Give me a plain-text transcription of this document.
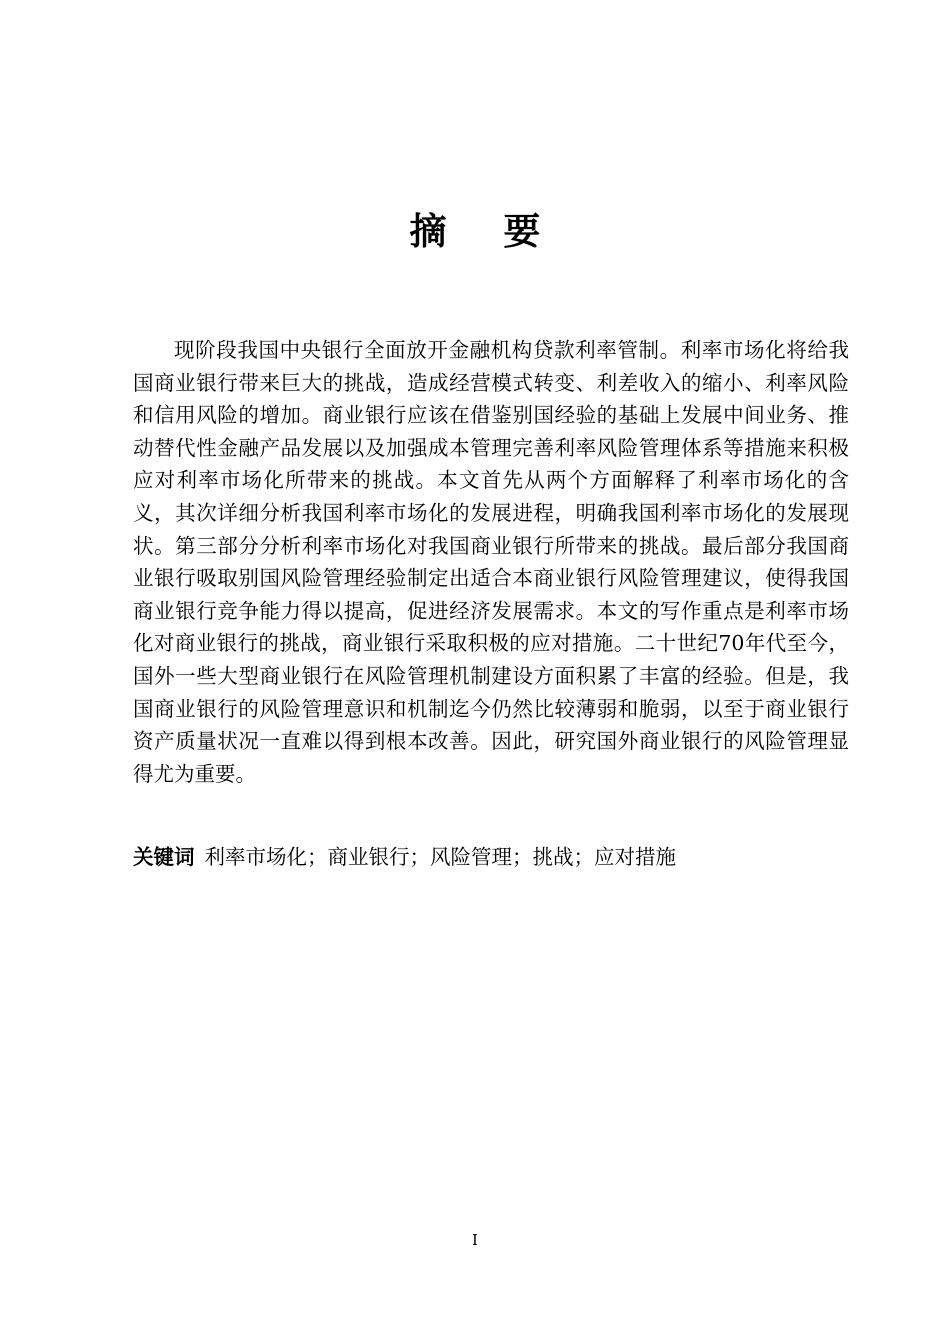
摘 要

现阶段我国中央银行全面放开金融机构贷款利率管制。利率市场化将给我国商业银行带来巨大的挑战，造成经营模式转变、利差收入的缩小、利率风险和信用风险的增加。商业银行应该在借鉴别国经验的基础上发展中间业务、推动替代性金融产品发展以及加强成本管理完善利率风险管理体系等措施来积极应对利率市场化所带来的挑战。本文首先从两个方面解释了利率市场化的含义，其次详细分析我国利率市场化的发展进程，明确我国利率市场化的发展现状。第三部分分析利率市场化对我国商业银行所带来的挑战。最后部分我国商业银行吸取别国风险管理经验制定出适合本商业银行风险管理建议，使得我国商业银行竞争能力得以提高，促进经济发展需求。本文的写作重点是利率市场化对商业银行的挑战，商业银行采取积极的应对措施。二十世纪70年代至今，国外一些大型商业银行在风险管理机制建设方面积累了丰富的经验。但是，我国商业银行的风险管理意识和机制迄今仍然比较薄弱和脆弱，以至于商业银行资产质量状况一直难以得到根本改善。因此，研究国外商业银行的风险管理显得尤为重要。

关键词 利率市场化；商业银行；风险管理；挑战；应对措施
I
